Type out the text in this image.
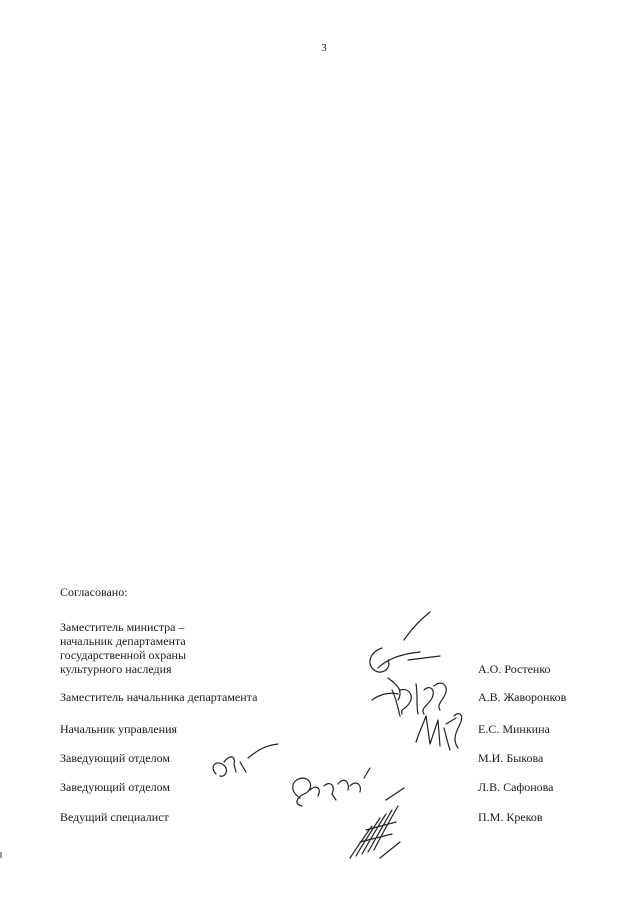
3
Согласовано:
Заместитель министра –
начальник департамента
государственной охраны
культурного наследия	А.О. Ростенко
Заместитель начальника департамента	А.В. Жаворонков
Начальник управления	Е.С. Минкина
Заведующий отделом	М.И. Быкова
Заведующий отделом	Л.В. Сафонова
Ведущий специалист	П.М. Креков
